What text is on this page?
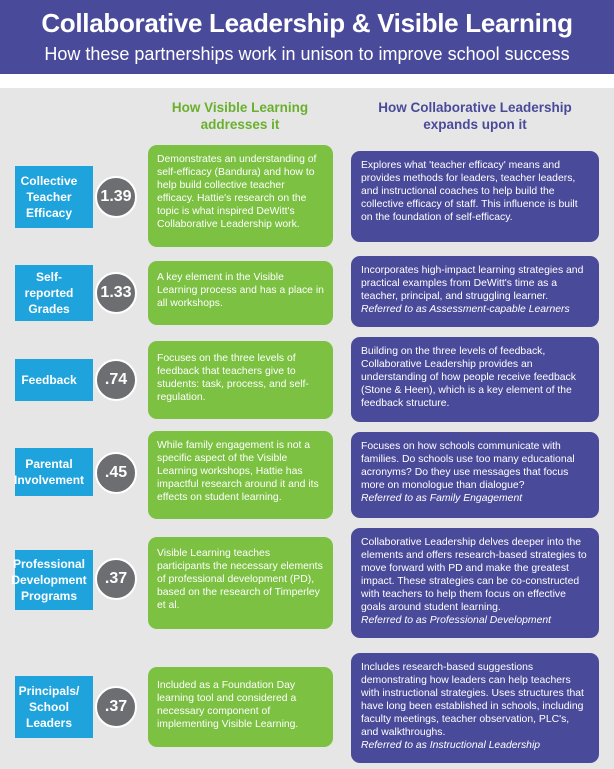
Collaborative Leadership & Visible Learning
How these partnerships work in unison to improve school success
How Visible Learning addresses it
How Collaborative Leadership expands upon it
Collective Teacher Efficacy
1.39
Demonstrates an understanding of self-efficacy (Bandura) and how to help build collective teacher efficacy. Hattie's research on the topic is what inspired DeWitt's Collaborative Leadership work.
Explores what 'teacher efficacy' means and provides methods for leaders, teacher leaders, and instructional coaches to help build the collective efficacy of staff. This influence is built on the foundation of self-efficacy.
Self-reported Grades
1.33
A key element in the Visible Learning process and has a place in all workshops.
Incorporates high-impact learning strategies and practical examples from DeWitt's time as a teacher, principal, and struggling learner.
Referred to as Assessment-capable Learners
Feedback	.74
Focuses on the three levels of feedback that teachers give to students: task, process, and self-regulation.
Building on the three levels of feedback, Collaborative Leadership provides an understanding of how people receive feedback (Stone & Heen), which is a key element of the feedback structure.
Parental Involvement	.45
While family engagement is not a specific aspect of the Visible Learning workshops, Hattie has impactful research around it and its effects on student learning.
Focuses on how schools communicate with families. Do schools use too many educational acronyms? Do they use messages that focus more on monologue than dialogue?
Referred to as Family Engagement
Professional Development Programs
.37
Visible Learning teaches participants the necessary elements of professional development (PD), based on the research of Timperley et al.
Collaborative Leadership delves deeper into the elements and offers research-based strategies to move forward with PD and make the greatest impact. These strategies can be co-constructed with teachers to help them focus on effective goals around student learning.
Referred to as Professional Development
Principals/ School Leaders
.37
Included as a Foundation Day learning tool and considered a necessary component of implementing Visible Learning.
Includes research-based suggestions demonstrating how leaders can help teachers with instructional strategies. Uses structures that have long been established in schools, including faculty meetings, teacher observation, PLC's, and walkthroughs.
Referred to as Instructional Leadership
